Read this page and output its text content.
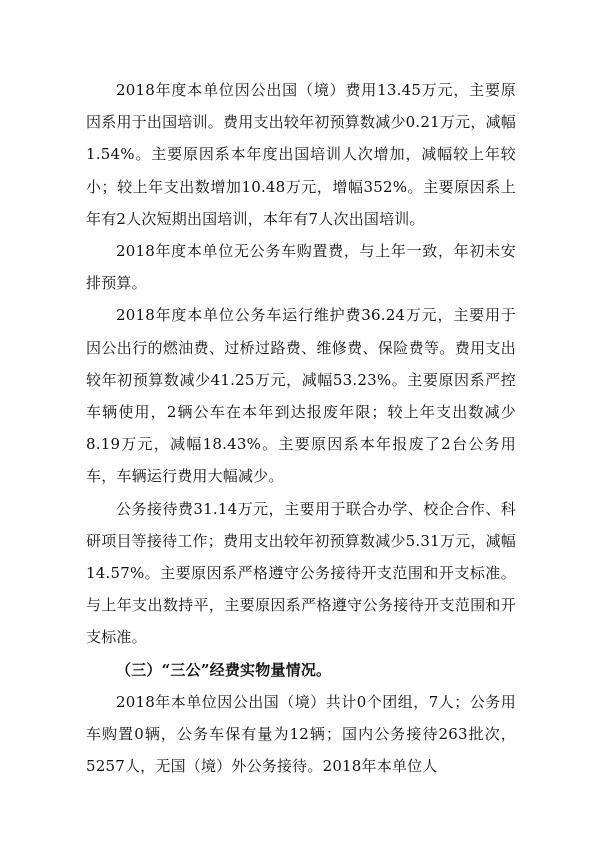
2018年度本单位因公出国（境）费用13.45万元，主要原因系用于出国培训。费用支出较年初预算数减少0.21万元，减幅1.54%。主要原因系本年度出国培训人次增加，减幅较上年较小；较上年支出数增加10.48万元，增幅352%。主要原因系上年有2人次短期出国培训，本年有7人次出国培训。

2018年度本单位无公务车购置费，与上年一致，年初未安排预算。

2018年度本单位公务车运行维护费36.24万元，主要用于因公出行的燃油费、过桥过路费、维修费、保险费等。费用支出较年初预算数减少41.25万元，减幅53.23%。主要原因系严控车辆使用，2辆公车在本年到达报废年限；较上年支出数减少8.19万元，减幅18.43%。主要原因系本年报废了2台公务用车，车辆运行费用大幅减少。

公务接待费31.14万元，主要用于联合办学、校企合作、科研项目等接待工作；费用支出较年初预算数减少5.31万元，减幅14.57%。主要原因系严格遵守公务接待开支范围和开支标准。与上年支出数持平，主要原因系严格遵守公务接待开支范围和开支标准。

（三）“三公”经费实物量情况。

2018年本单位因公出国（境）共计0个团组，7人；公务用车购置0辆，公务车保有量为12辆；国内公务接待263批次，5257人，无国（境）外公务接待。2018年本单位人
